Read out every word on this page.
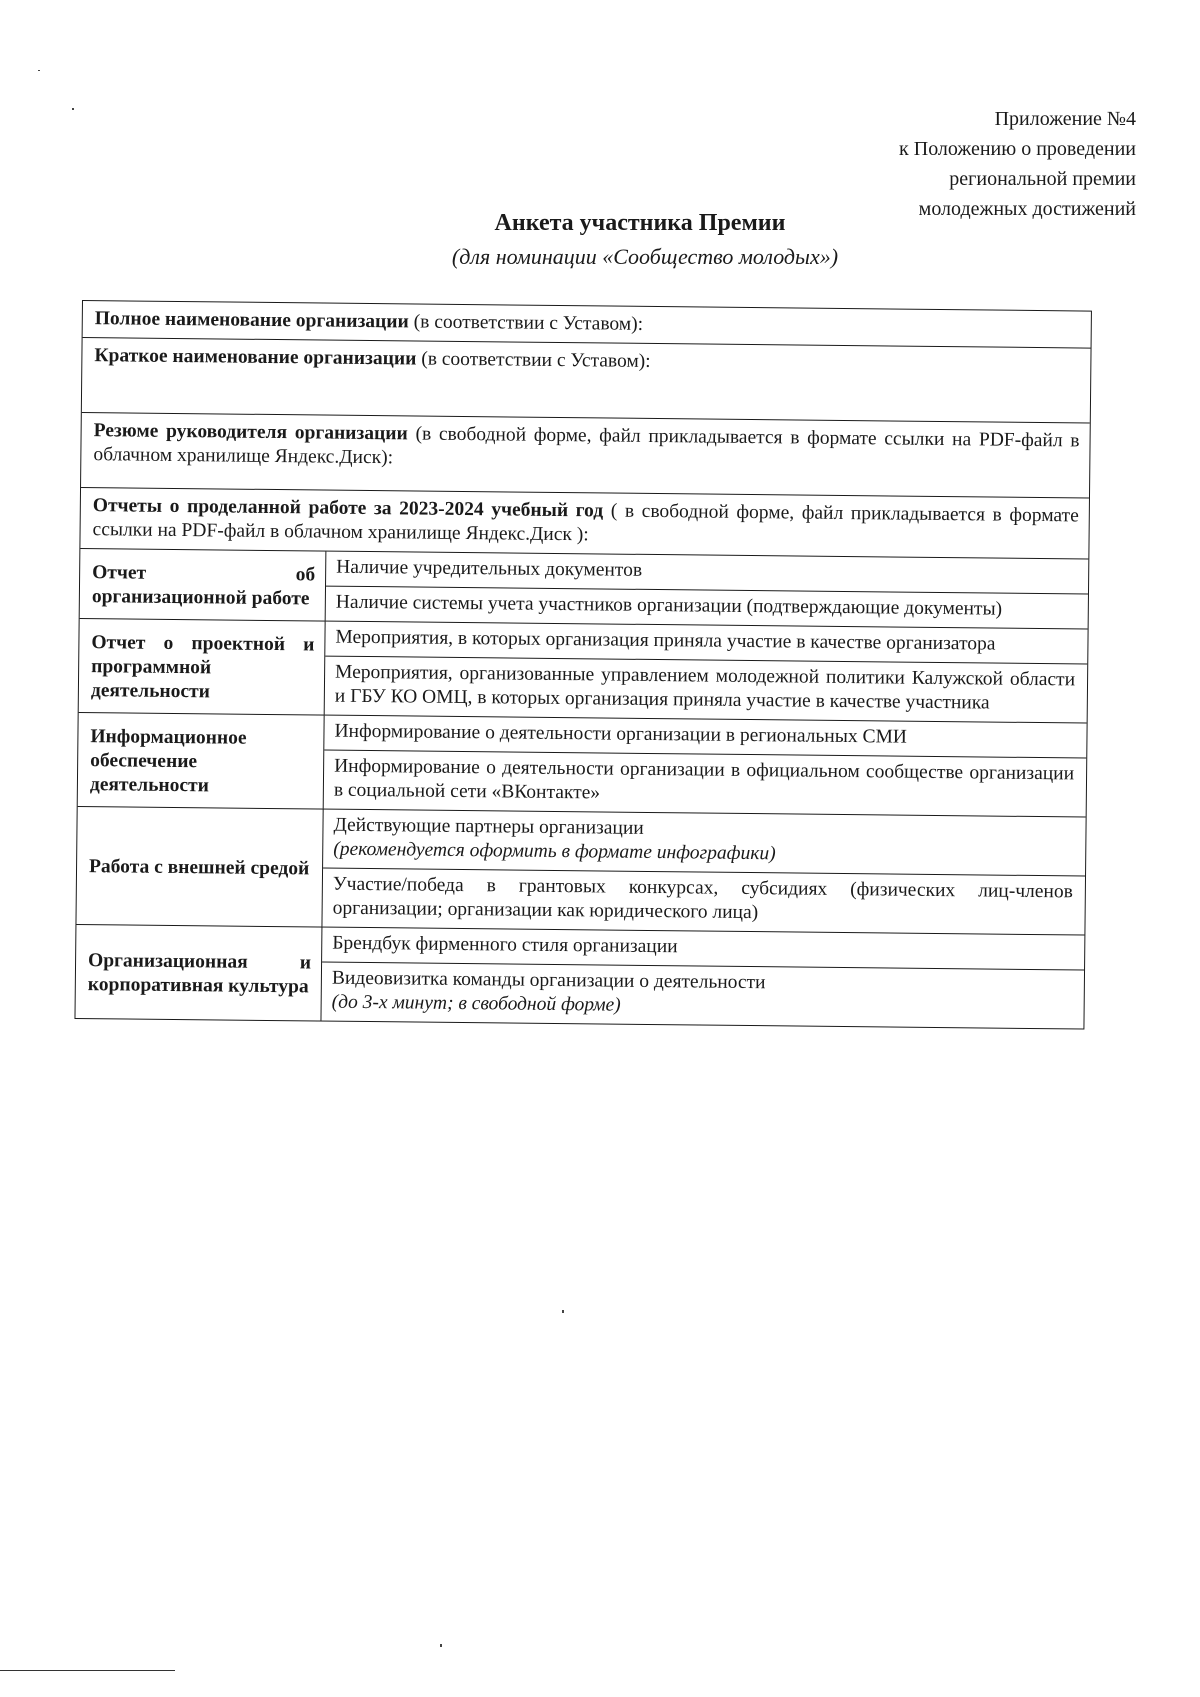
Приложение №4
к Положению о проведении
региональной премии
молодежных достижений
Анкета участника Премии
(для номинации «Сообщество молодых»)
Полное наименование организации (в соответствии с Уставом):
Краткое наименование организации (в соответствии с Уставом):
Резюме руководителя организации (в свободной форме, файл прикладывается в формате ссылки на PDF-файл в облачном хранилище Яндекс.Диск):
Отчеты о проделанной работе за 2023-2024 учебный год ( в свободной форме, файл прикладывается в формате ссылки на PDF-файл в облачном хранилище Яндекс.Диск ):
Отчет об организационной работе
Наличие учредительных документов
Наличие системы учета участников организации (подтверждающие документы)
Отчет о проектной и программной деятельности
Мероприятия, в которых организация приняла участие в качестве организатора
Мероприятия, организованные управлением молодежной политики Калужской области и ГБУ КО ОМЦ, в которых организация приняла участие в качестве участника
Информационное обеспечение деятельности
Информирование о деятельности организации в региональных СМИ
Информирование о деятельности организации в официальном сообществе организации в социальной сети «ВКонтакте»
Работа с внешней средой
Действующие партнеры организации
(рекомендуется оформить в формате инфографики)
Участие/победа в грантовых конкурсах, субсидиях (физических лиц-членов организации; организации как юридического лица)
Организационная и корпоративная культура
Брендбук фирменного стиля организации
Видеовизитка команды организации о деятельности
(до 3-х минут; в свободной форме)
